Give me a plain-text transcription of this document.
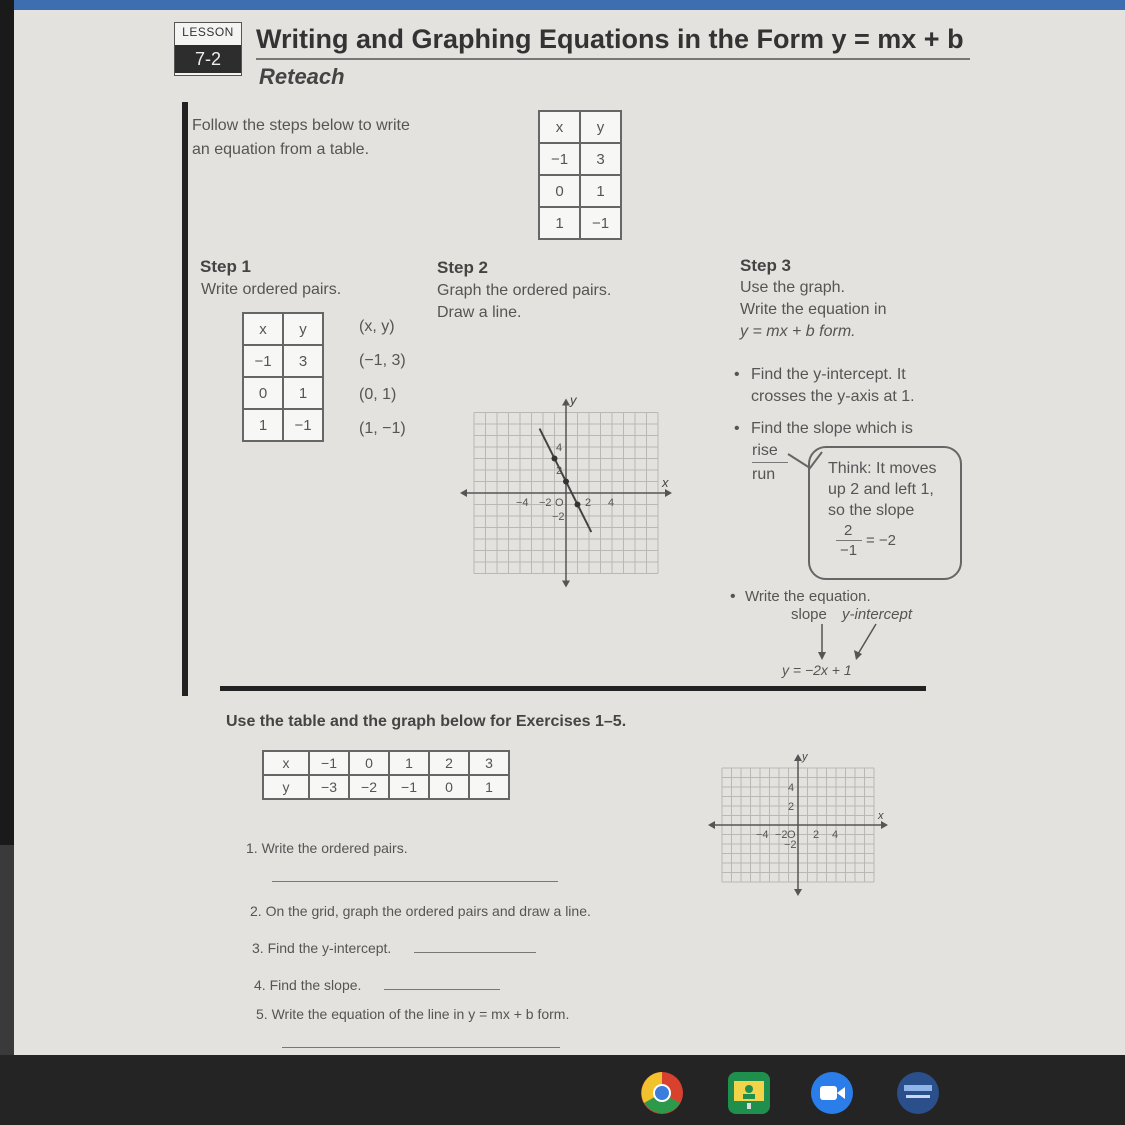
LESSON
7-2
Writing and Graphing Equations in the Form y = mx + b
Reteach
Follow the steps below to write an equation from a table.
x	y
−1	3
0	1
1	−1
Step 1
Write ordered pairs.
x	y
−1	3
0	1
1	−1
(x, y)
(−1, 3)
(0, 1)
(1, −1)
Step 2
Graph the ordered pairs.
Draw a line.
y
x
−4 −2 O 2 4
4
2
−2
Step 3
Use the graph.
Write the equation in
y = mx + b form.
• Find the y-intercept. It
crosses the y-axis at 1.
• Find the slope which is
rise
run	Think: It moves
up 2 and left 1,
so the slope
2
−1
= −2
• Write the equation.
slope y-intercept
y = −2x + 1
Use the table and the graph below for Exercises 1–5.
x	−1	0	1	2	3
y	−3	−2	−1	0	1
y
x
−4 −2 O 2 4
4
2
−2
1. Write the ordered pairs.
2. On the grid, graph the ordered pairs and draw a line.
3. Find the y-intercept.
4. Find the slope.
5. Write the equation of the line in y = mx + b form.
